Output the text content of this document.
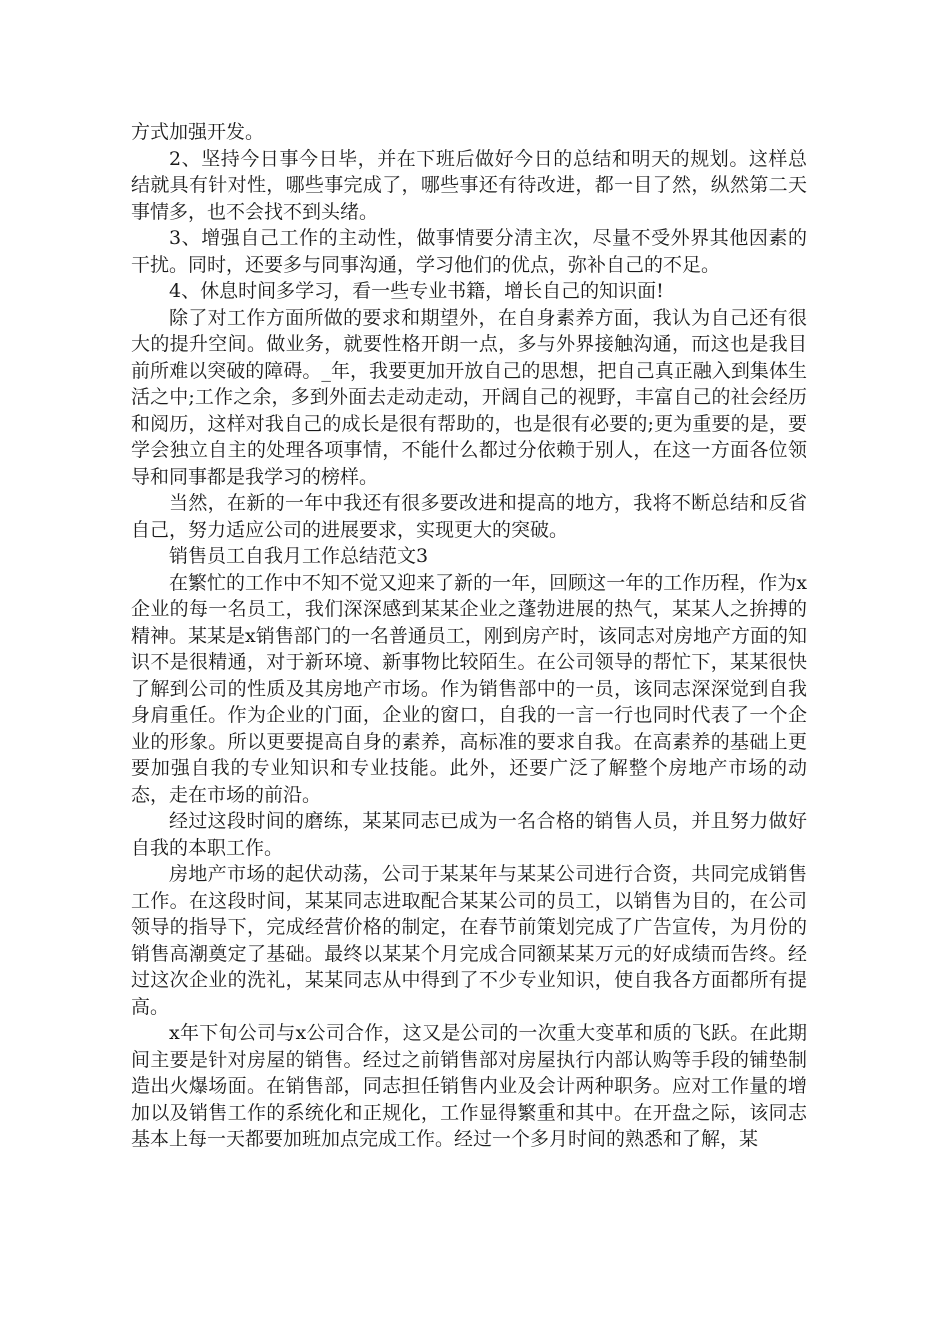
方式加强开发。

2、坚持今日事今日毕，并在下班后做好今日的总结和明天的规划。这样总结就具有针对性，哪些事完成了，哪些事还有待改进，都一目了然，纵然第二天事情多，也不会找不到头绪。

3、增强自己工作的主动性，做事情要分清主次，尽量不受外界其他因素的干扰。同时，还要多与同事沟通，学习他们的优点，弥补自己的不足。

4、休息时间多学习，看一些专业书籍，增长自己的知识面!

除了对工作方面所做的要求和期望外，在自身素养方面，我认为自己还有很大的提升空间。做业务，就要性格开朗一点，多与外界接触沟通，而这也是我目前所难以突破的障碍。_年，我要更加开放自己的思想，把自己真正融入到集体生活之中;工作之余，多到外面去走动走动，开阔自己的视野，丰富自己的社会经历和阅历，这样对我自己的成长是很有帮助的，也是很有必要的;更为重要的是，要学会独立自主的处理各项事情，不能什么都过分依赖于别人，在这一方面各位领导和同事都是我学习的榜样。

当然，在新的一年中我还有很多要改进和提高的地方，我将不断总结和反省自己，努力适应公司的进展要求，实现更大的突破。

销售员工自我月工作总结范文3

在繁忙的工作中不知不觉又迎来了新的一年，回顾这一年的工作历程，作为x企业的每一名员工，我们深深感到某某企业之蓬勃进展的热气，某某人之拚搏的精神。某某是x销售部门的一名普通员工，刚到房产时，该同志对房地产方面的知识不是很精通，对于新环境、新事物比较陌生。在公司领导的帮忙下，某某很快了解到公司的性质及其房地产市场。作为销售部中的一员，该同志深深觉到自我身肩重任。作为企业的门面，企业的窗口，自我的一言一行也同时代表了一个企业的形象。所以更要提高自身的素养，高标准的要求自我。在高素养的基础上更要加强自我的专业知识和专业技能。此外，还要广泛了解整个房地产市场的动态，走在市场的前沿。

经过这段时间的磨练，某某同志已成为一名合格的销售人员，并且努力做好自我的本职工作。

房地产市场的起伏动荡，公司于某某年与某某公司进行合资，共同完成销售工作。在这段时间，某某同志进取配合某某公司的员工，以销售为目的，在公司领导的指导下，完成经营价格的制定，在春节前策划完成了广告宣传，为月份的销售高潮奠定了基础。最终以某某个月完成合同额某某万元的好成绩而告终。经过这次企业的洗礼，某某同志从中得到了不少专业知识，使自我各方面都所有提高。

x年下旬公司与x公司合作，这又是公司的一次重大变革和质的飞跃。在此期间主要是针对房屋的销售。经过之前销售部对房屋执行内部认购等手段的铺垫制造出火爆场面。在销售部，同志担任销售内业及会计两种职务。应对工作量的增加以及销售工作的系统化和正规化，工作显得繁重和其中。在开盘之际，该同志基本上每一天都要加班加点完成工作。经过一个多月时间的熟悉和了解，某
